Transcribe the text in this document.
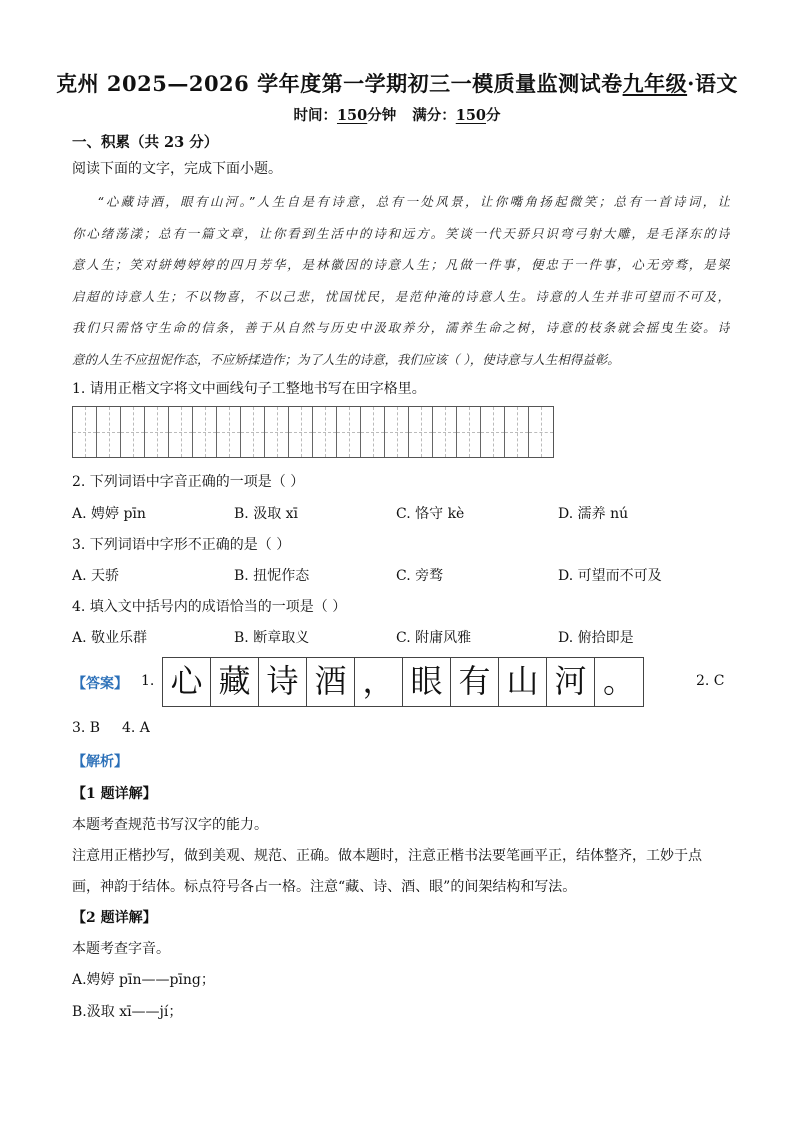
克州 2025—2026 学年度第一学期初三一模质量监测试卷九年级·语文
时间：150分钟 满分：150分
一、积累（共 23 分）
阅读下面的文字，完成下面小题。

“心藏诗酒，眼有山河。”人生自是有诗意，总有一处风景，让你嘴角扬起微笑；总有一首诗词，让

你心绪荡漾；总有一篇文章，让你看到生活中的诗和远方。笑谈一代天骄只识弯弓射大雕，是毛泽东的诗

意人生；笑对絣娉婷婷的四月芳华，是林徽因的诗意人生；凡做一件事，便忠于一件事，心无旁骛，是梁

启超的诗意人生；不以物喜，不以己悲，忧国忧民，是范仲淹的诗意人生。诗意的人生并非可望而不可及，

我们只需恪守生命的信条，善于从自然与历史中汲取养分，濡养生命之树，诗意的枝条就会摇曳生姿。诗

意的人生不应扭怩作态，不应矫揉造作；为了人生的诗意，我们应该（ ），使诗意与人生相得益彰。

1. 请用正楷文字将文中画线句子工整地书写在田字格里。
2. 下列词语中字音正确的一项是（ ）
A. 娉婷 pīn	B. 汲取 xī	C. 恪守 kè	D. 濡养 nú
3. 下列词语中字形不正确的是（ ）
A. 天骄	B. 扭怩作态	C. 旁骛	D. 可望而不可及
4. 填入文中括号内的成语恰当的一项是（ ）
A. 敬业乐群	B. 断章取义	C. 附庸风雅	D. 俯拾即是
【答案】 1. 心 藏 诗 酒 ， 眼 有 山 河 。	2. C
3. B 4. A
【解析】
【1 题详解】
本题考查规范书写汉字的能力。
注意用正楷抄写，做到美观、规范、正确。做本题时，注意正楷书法要笔画平正，结体整齐，工妙于点
画，神韵于结体。标点符号各占一格。注意“藏、诗、酒、眼”的间架结构和写法。
【2 题详解】
本题考查字音。
A.娉婷 pīn——pīng；
B.汲取 xī——jí；
